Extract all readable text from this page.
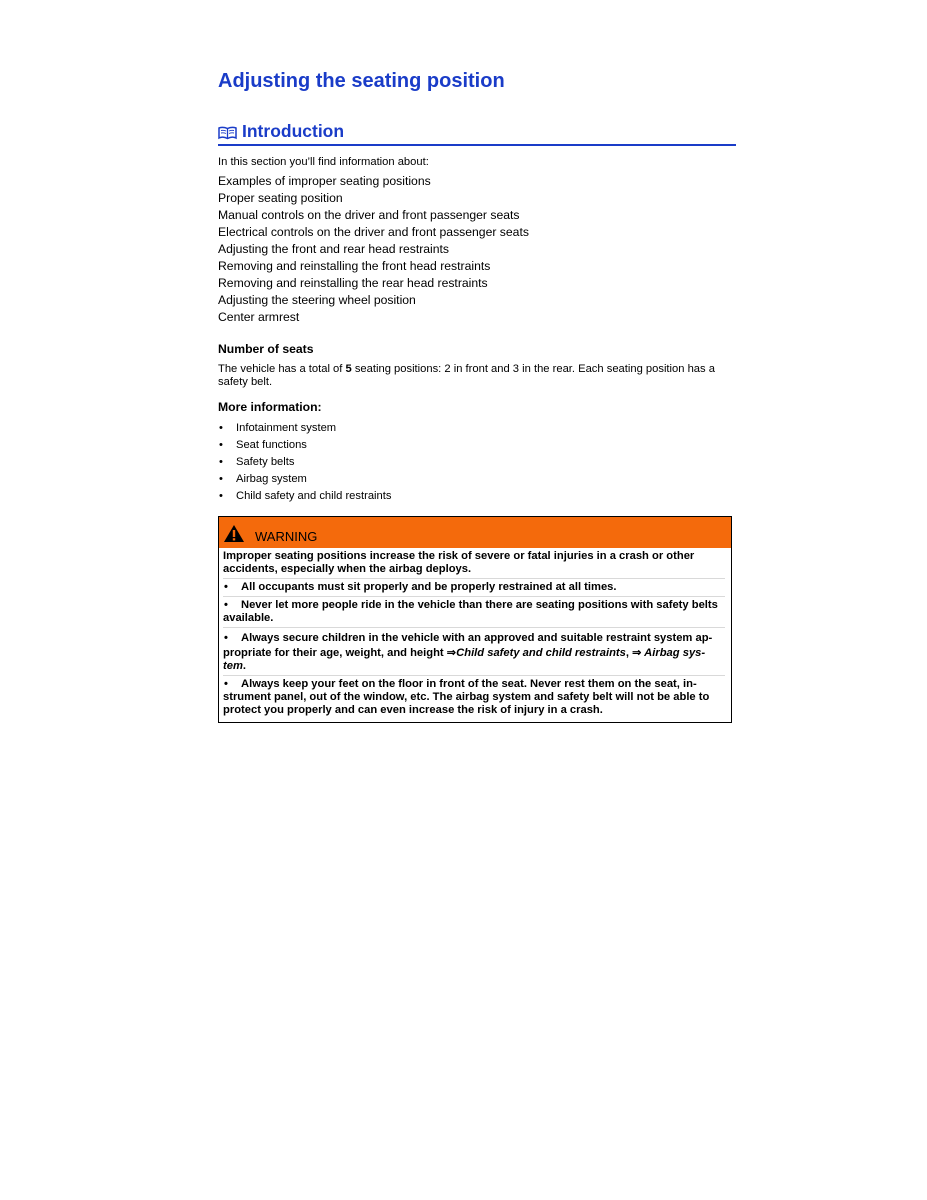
Adjusting the seating position
Introduction
In this section you’ll find information about:
Examples of improper seating positions
Proper seating position
Manual controls on the driver and front passenger seats
Electrical controls on the driver and front passenger seats
Adjusting the front and rear head restraints
Removing and reinstalling the front head restraints
Removing and reinstalling the rear head restraints
Adjusting the steering wheel position
Center armrest
Number of seats
The vehicle has a total of 5 seating positions: 2 in front and 3 in the rear. Each seating position has a safety belt.
More information:
•	Infotainment system
•	Seat functions
•	Safety belts
•	Airbag system
•	Child safety and child restraints
WARNING
Improper seating positions increase the risk of severe or fatal injuries in a crash or other accidents, especially when the airbag deploys.
• All occupants must sit properly and be properly restrained at all times.
• Never let more people ride in the vehicle than there are seating positions with safety belts available.
• Always secure children in the vehicle with an approved and suitable restraint system ap-
propriate for their age, weight, and height ⇒Child safety and child restraints, ⇒ Airbag sys-
tem.
• Always keep your feet on the floor in front of the seat. Never rest them on the seat, in-strument panel, out of the window, etc. The airbag system and safety belt will not be able to protect you properly and can even increase the risk of injury in a crash.
